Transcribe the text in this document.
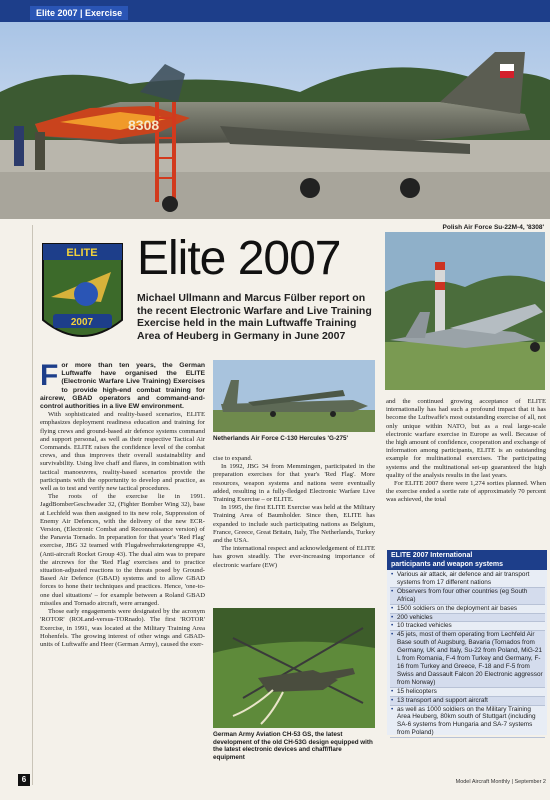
Elite 2007 | Exercise
8308
Polish Air Force Su-22M-4, '8308'
ELITE
2007
Elite 2007
Michael Ullmann and Marcus Fülber report on the recent Electronic Warfare and Live Training Exercise held in the main Luftwaffe Training Area of Heuberg in Germany in June 2007
F or more than ten years, the German Luftwaffe have organised the ELITE (Electronic Warfare Live Training) Exercises to provide high-end combat training for aircrew, GBAD operators and command-and-control authorities in a live EW environment.

With sophisticated and reality-based scenarios, ELITE emphasizes deployment readiness education and training for flying crews and ground-based air defence systems command and support personal, as well as their respective Tactical Air Commands. ELITE raises the confidence level of the combat crews, and thus improves their overall sustainability and survivability. Using live chaff and flares, in combination with tactical manoeuvres, reality-based scenarios provide the participants with the opportunity to develop and practice, as well as to test and verify new tactical procedures.

The roots of the exercise lie in 1991. JagdBomberGeschwader 32, (Fighter Bomber Wing 32), base at Lechfeld was then assigned to its new role, Suppression of Enemy Air Defences, with the delivery of the new ECR-Version, (Electronic Combat and Reconnaissance version) of the Panavia Tornado. In preparation for that year's 'Red Flag' exercise, JBG 32 teamed with Flugabwehrraketengruppe 43, (Anti-aircraft Rocket Group 43). The dual aim was to prepare the aircrews for the 'Red Flag' exercises and to practice situation-adjusted reactions to the threats posed by Ground-Based Air Defence (GBAD) systems and to allow GBAD forces to hone their techniques and practices. Hence, 'one-to-one duel situations' – for example between a Roland GBAD missiles and Tornado aircraft, were arranged.

Those early engagements were designated by the acronym 'ROTOR' (ROLand-versus-TORnado). The first 'ROTOR' Exercise, in 1991, was located at the Military Training Area Hohenfels. The growing interest of other wings and GBAD-units of Luftwaffe and Heer (German Army), caused the exer-

Netherlands Air Force C-130 Hercules 'G-275'

cise to expand.

In 1992, JBG 34 from Memmingen, participated in the preparation exercises for that year's 'Red Flag'. More resources, weapon systems and nations were eventually added, resulting in a fully-fledged Electronic Warfare Live Training Exercise – or ELITE.

In 1995, the first ELITE Exercise was held at the Military Training Area of Baumholder. Since then, ELITE has expanded to include such participating nations as Belgium, France, Greece, Great Britain, Italy, The Netherlands, Turkey and the USA.

The international respect and acknowledgement of ELITE has grown steadily. The ever-increasing importance of electronic warfare (EW)

German Army Aviation CH-53 GS, the latest development of the old CH-53G design equipped with the latest electronic devices and chaff/flare equipment

and the continued growing acceptance of ELITE internationally has had such a profound impact that it has become the Luftwaffe's most outstanding exercise of all, not only unique within NATO, but as a real large-scale electronic warfare exercise in Europe as well. Because of the high amount of confidence, cooperation and exchange of information among participants, ELITE is an outstanding example for multinational exercises. The participating systems and the multinational set-up guaranteed the high quality of the analysis results in the last years.

For ELITE 2007 there were 1,274 sorties planned. When the exercise ended a sortie rate of approximately 70 percent was achieved, the total

ELITE 2007 International
participants and weapon systems
• Various air attack, air defence and air transport systems from 17 different nations
• Observers from four other countries (eg South Africa)
• 1500 soldiers on the deployment air bases
• 200 vehicles
• 10 tracked vehicles
• 45 jets, most of them operating from Lechfeld Air Base south of Augsburg, Bavaria (Tornados from Germany, UK and Italy, Su-22 from Poland, MiG-21 L from Romania, F-4 from Turkey and Germany, F-16 from Turkey and Greece, F-18 and F-5 from Swiss and Dassault Falcon 20 Electronic aggressor from Norway)
• 15 helicopters
• 13 transport and support aircraft
• as well as 1000 soldiers on the Military Training Area Heuberg, 80km south of Stuttgart (including SA-6 systems from Hungaria and SA-7 systems from Poland)
6	Model Aircraft Monthly | September 2
